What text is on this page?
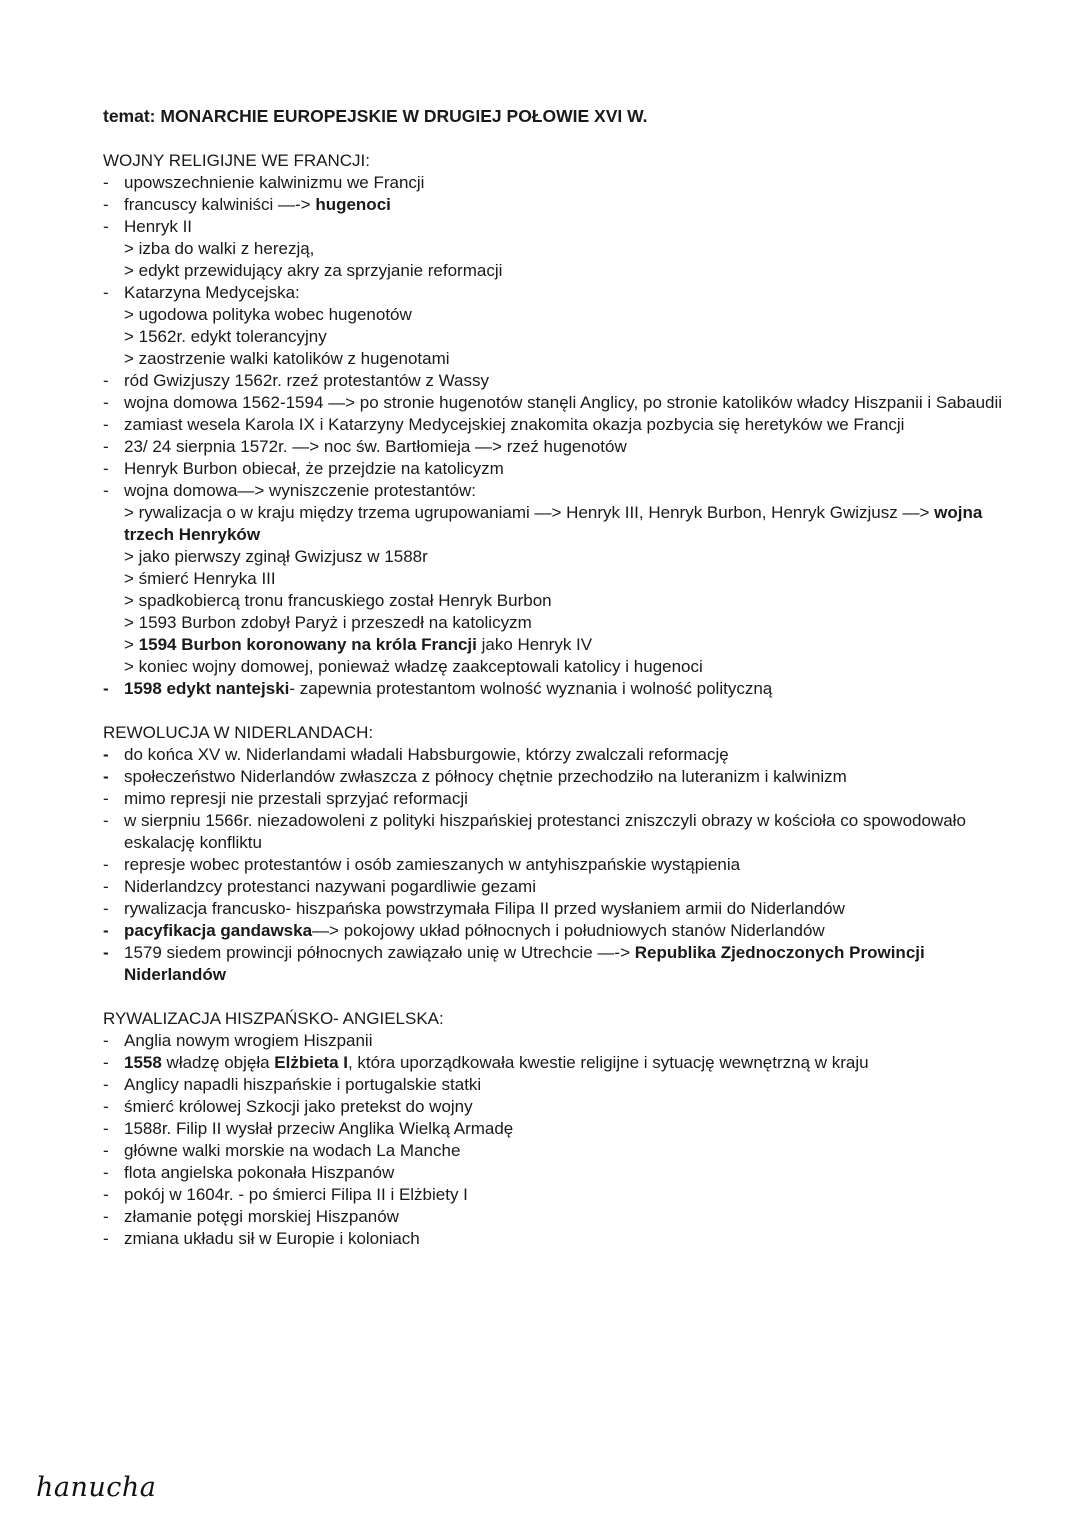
temat: MONARCHIE EUROPEJSKIE W DRUGIEJ POŁOWIE XVI W.

WOJNY RELIGIJNE WE FRANCJI:

- upowszechnienie kalwinizmu we Francji
- francuscy kalwiniści —-> hugenoci
- Henryk II
> izba do walki z herezją,
> edykt przewidujący akry za sprzyjanie reformacji
- Katarzyna Medycejska:
> ugodowa polityka wobec hugenotów
> 1562r. edykt tolerancyjny
> zaostrzenie walki katolików z hugenotami
- ród Gwizjuszy 1562r. rzeź protestantów z Wassy
- wojna domowa 1562-1594 —> po stronie hugenotów stanęli Anglicy, po stronie katolików władcy Hiszpanii i Sabaudii
- zamiast wesela Karola IX i Katarzyny Medycejskiej znakomita okazja pozbycia się heretyków we Francji
- 23/ 24 sierpnia 1572r. —> noc św. Bartłomieja —> rzeź hugenotów
- Henryk Burbon obiecał, że przejdzie na katolicyzm
- wojna domowa—> wyniszczenie protestantów:
> rywalizacja o w kraju między trzema ugrupowaniami —> Henryk III, Henryk Burbon, Henryk Gwizjusz —> wojna trzech Henryków
> jako pierwszy zginął Gwizjusz w 1588r
> śmierć Henryka III
> spadkobiercą tronu francuskiego został Henryk Burbon
> 1593 Burbon zdobył Paryż i przeszedł na katolicyzm
> 1594 Burbon koronowany na króla Francji jako Henryk IV
> koniec wojny domowej, ponieważ władzę zaakceptowali katolicy i hugenoci
- 1598 edykt nantejski- zapewnia protestantom wolność wyznania i wolność polityczną

REWOLUCJA W NIDERLANDACH:

- do końca XV w. Niderlandami władali Habsburgowie, którzy zwalczali reformację
- społeczeństwo Niderlandów zwłaszcza z północy chętnie przechodziło na luteranizm i kalwinizm
- mimo represji nie przestali sprzyjać reformacji
- w sierpniu 1566r. niezadowoleni z polityki hiszpańskiej protestanci zniszczyli obrazy w kościoła co spowodowało eskalację konfliktu
- represje wobec protestantów i osób zamieszanych w antyhiszpańskie wystąpienia
- Niderlandzcy protestanci nazywani pogardliwie gezami
- rywalizacja francusko- hiszpańska powstrzymała Filipa II przed wysłaniem armii do Niderlandów
- pacyfikacja gandawska—> pokojowy układ północnych i południowych stanów Niderlandów
- 1579 siedem prowincji północnych zawiązało unię w Utrechcie —-> Republika Zjednoczonych Prowincji Niderlandów

RYWALIZACJA HISZPAŃSKO- ANGIELSKA:

- Anglia nowym wrogiem Hiszpanii
- 1558 władzę objęła Elżbieta I, która uporządkowała kwestie religijne i sytuację wewnętrzną w kraju
- Anglicy napadli hiszpańskie i portugalskie statki
- śmierć królowej Szkocji jako pretekst do wojny
- 1588r. Filip II wysłał przeciw Anglika Wielką Armadę
- główne walki morskie na wodach La Manche
- flota angielska pokonała Hiszpanów
- pokój w 1604r. - po śmierci Filipa II i Elżbiety I
- złamanie potęgi morskiej Hiszpanów
- zmiana układu sił w Europie i koloniach
hanucha
